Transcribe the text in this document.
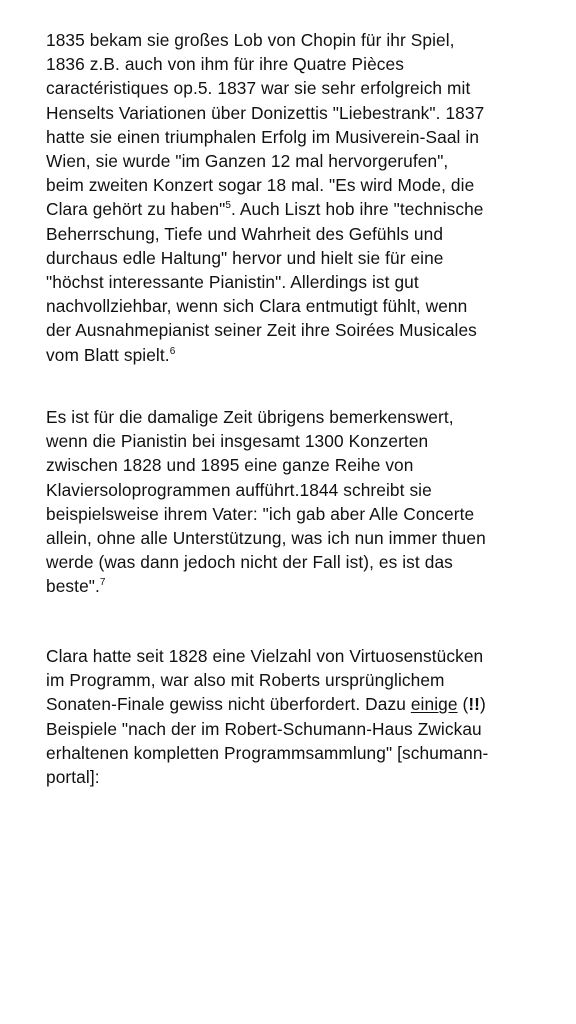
1835 bekam sie großes Lob von Chopin für ihr Spiel,
1836 z.B. auch von ihm für ihre Quatre Pièces
caractéristiques op.5. 1837 war sie sehr erfolgreich mit
Henselts Variationen über Donizettis "Liebestrank". 1837
hatte sie einen triumphalen Erfolg im Musiverein-Saal in
Wien, sie wurde "im Ganzen 12 mal hervorgerufen",
beim zweiten Konzert sogar 18 mal. "Es wird Mode, die
Clara gehört zu haben"$^5$. Auch Liszt hob ihre "technische
Beherrschung, Tiefe und Wahrheit des Gefühls und
durchaus edle Haltung" hervor und hielt sie für eine
"höchst interessante Pianistin". Allerdings ist gut
nachvollziehbar, wenn sich Clara entmutigt fühlt, wenn
der Ausnahmepianist seiner Zeit ihre Soirées Musicales
vom Blatt spielt.$^6$

Es ist für die damalige Zeit übrigens bemerkenswert,
wenn die Pianistin bei insgesamt 1300 Konzerten
zwischen 1828 und 1895 eine ganze Reihe von
Klaviersoloprogrammen aufführt.1844 schreibt sie
beispielsweise ihrem Vater: "ich gab aber Alle Concerte
allein, ohne alle Unterstützung, was ich nun immer thuen
werde (was dann jedoch nicht der Fall ist), es ist das
beste".$^7$

Clara hatte seit 1828 eine Vielzahl von Virtuosenstücken
im Programm, war also mit Roberts ursprünglichem
Sonaten-Finale gewiss nicht überfordert. Dazu einige (!!)
Beispiele "nach der im Robert-Schumann-Haus Zwickau
erhaltenen kompletten Programmsammlung" [schumann-
portal]:
